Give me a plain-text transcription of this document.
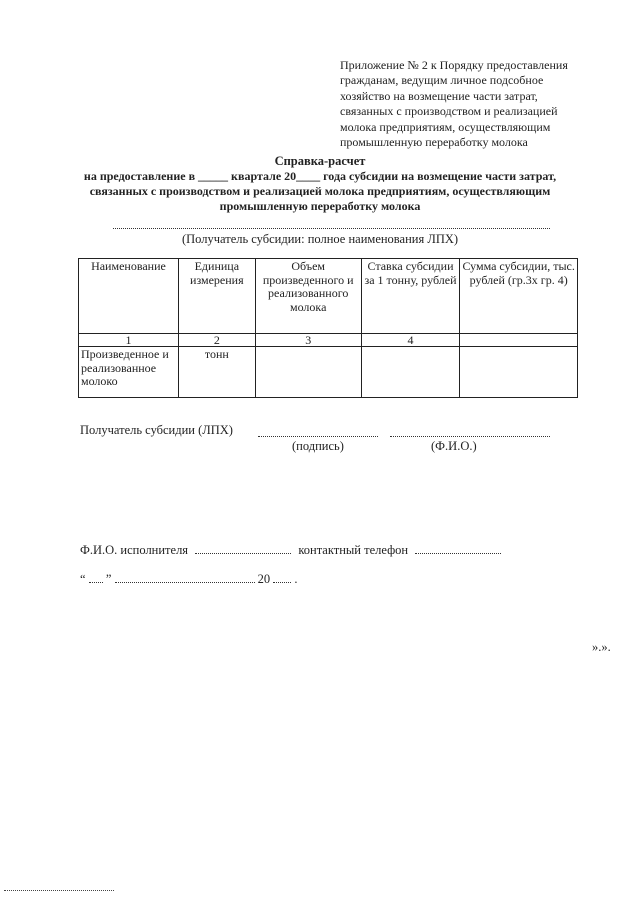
Приложение № 2 к Порядку предоставления
гражданам, ведущим личное подсобное
хозяйство на возмещение части затрат,
связанных с производством и реализацией
молока предприятиям, осуществляющим
промышленную переработку молока

Справка-расчет

на предоставление в _____ квартале 20____ года субсидии на возмещение части затрат,
связанных с производством и реализацией молока предприятиям, осуществляющим
промышленную переработку молока
(Получатель субсидии: полное наименования ЛПХ)
Наименование	Единица измерения	Объем произведенного и реализованного молока	Ставка субсидии за 1 тонну, рублей	Сумма субсидии, тыс. рублей (гр.3х гр. 4)
1	2	3	4	
Произведенное и реализованное молоко	тонн			
Получатель субсидии (ЛПХ)
(подпись)	(Ф.И.О.)
Ф.И.О. исполнителя	контактный телефон
“ ”	20 .
».».
